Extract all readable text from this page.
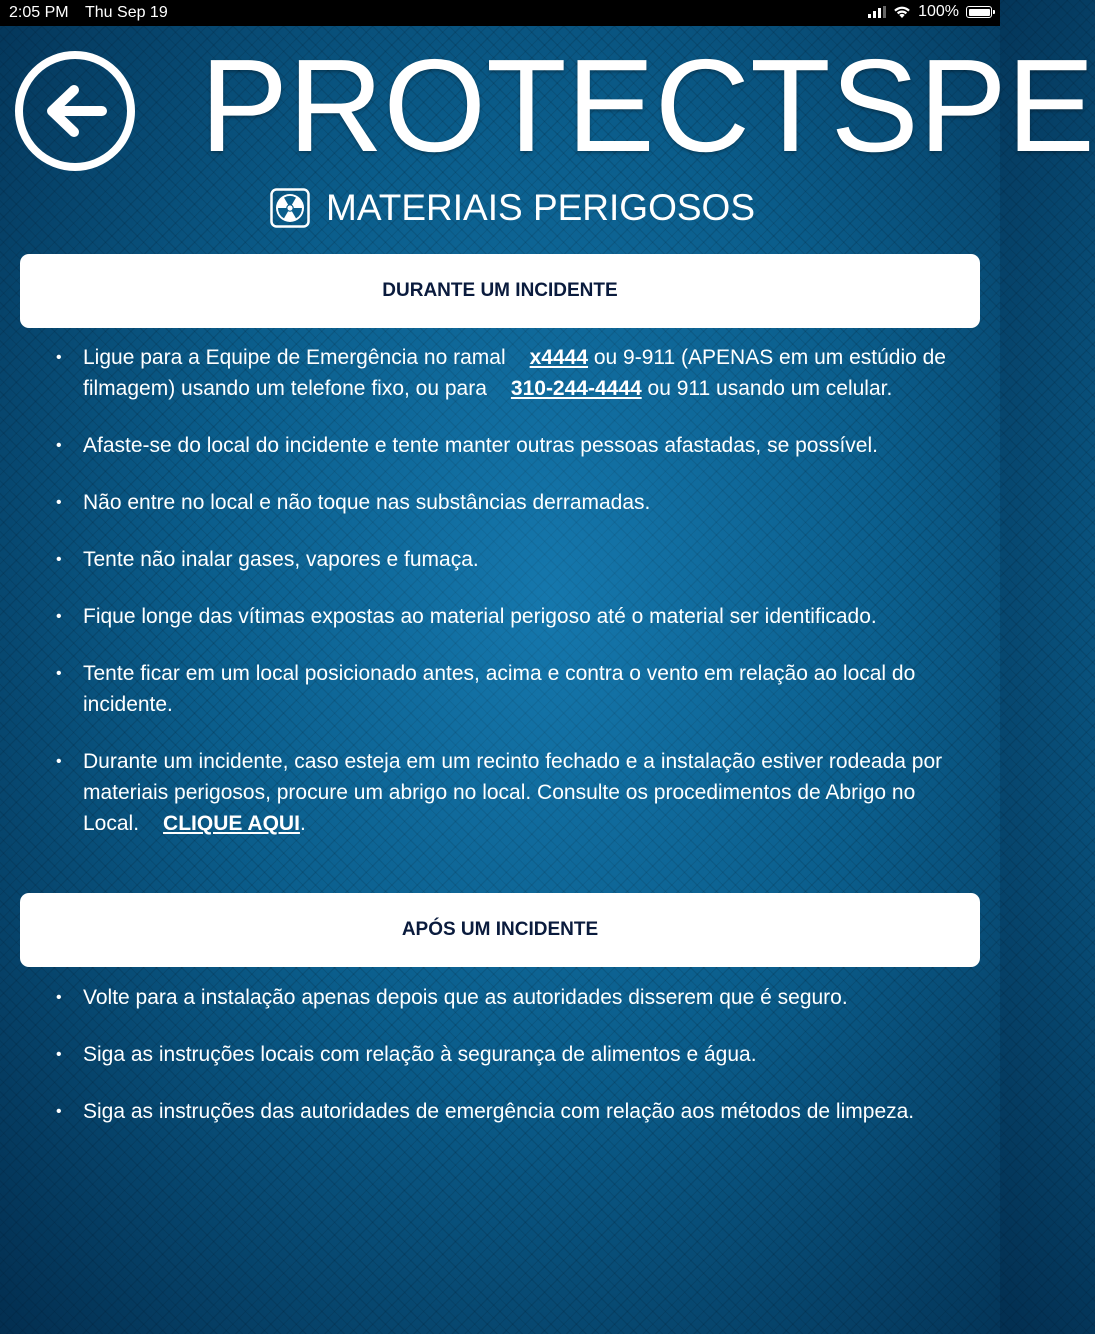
2:05 PM Thu Sep 19	100%
PROTECTSPE
MATERIAIS PERIGOSOS
DURANTE UM INCIDENTE
• Ligue para a Equipe de Emergência no ramal x4444 ou 9-911 (APENAS em um estúdio de filmagem) usando um telefone fixo, ou para 310-244-4444 ou 911 usando um celular.
• Afaste-se do local do incidente e tente manter outras pessoas afastadas, se possível.
• Não entre no local e não toque nas substâncias derramadas.
• Tente não inalar gases, vapores e fumaça.
• Fique longe das vítimas expostas ao material perigoso até o material ser identificado.
• Tente ficar em um local posicionado antes, acima e contra o vento em relação ao local do incidente.
• Durante um incidente, caso esteja em um recinto fechado e a instalação estiver rodeada por materiais perigosos, procure um abrigo no local. Consulte os procedimentos de Abrigo no Local. CLIQUE AQUI.
APÓS UM INCIDENTE
• Volte para a instalação apenas depois que as autoridades disserem que é seguro.
• Siga as instruções locais com relação à segurança de alimentos e água.
• Siga as instruções das autoridades de emergência com relação aos métodos de limpeza.
